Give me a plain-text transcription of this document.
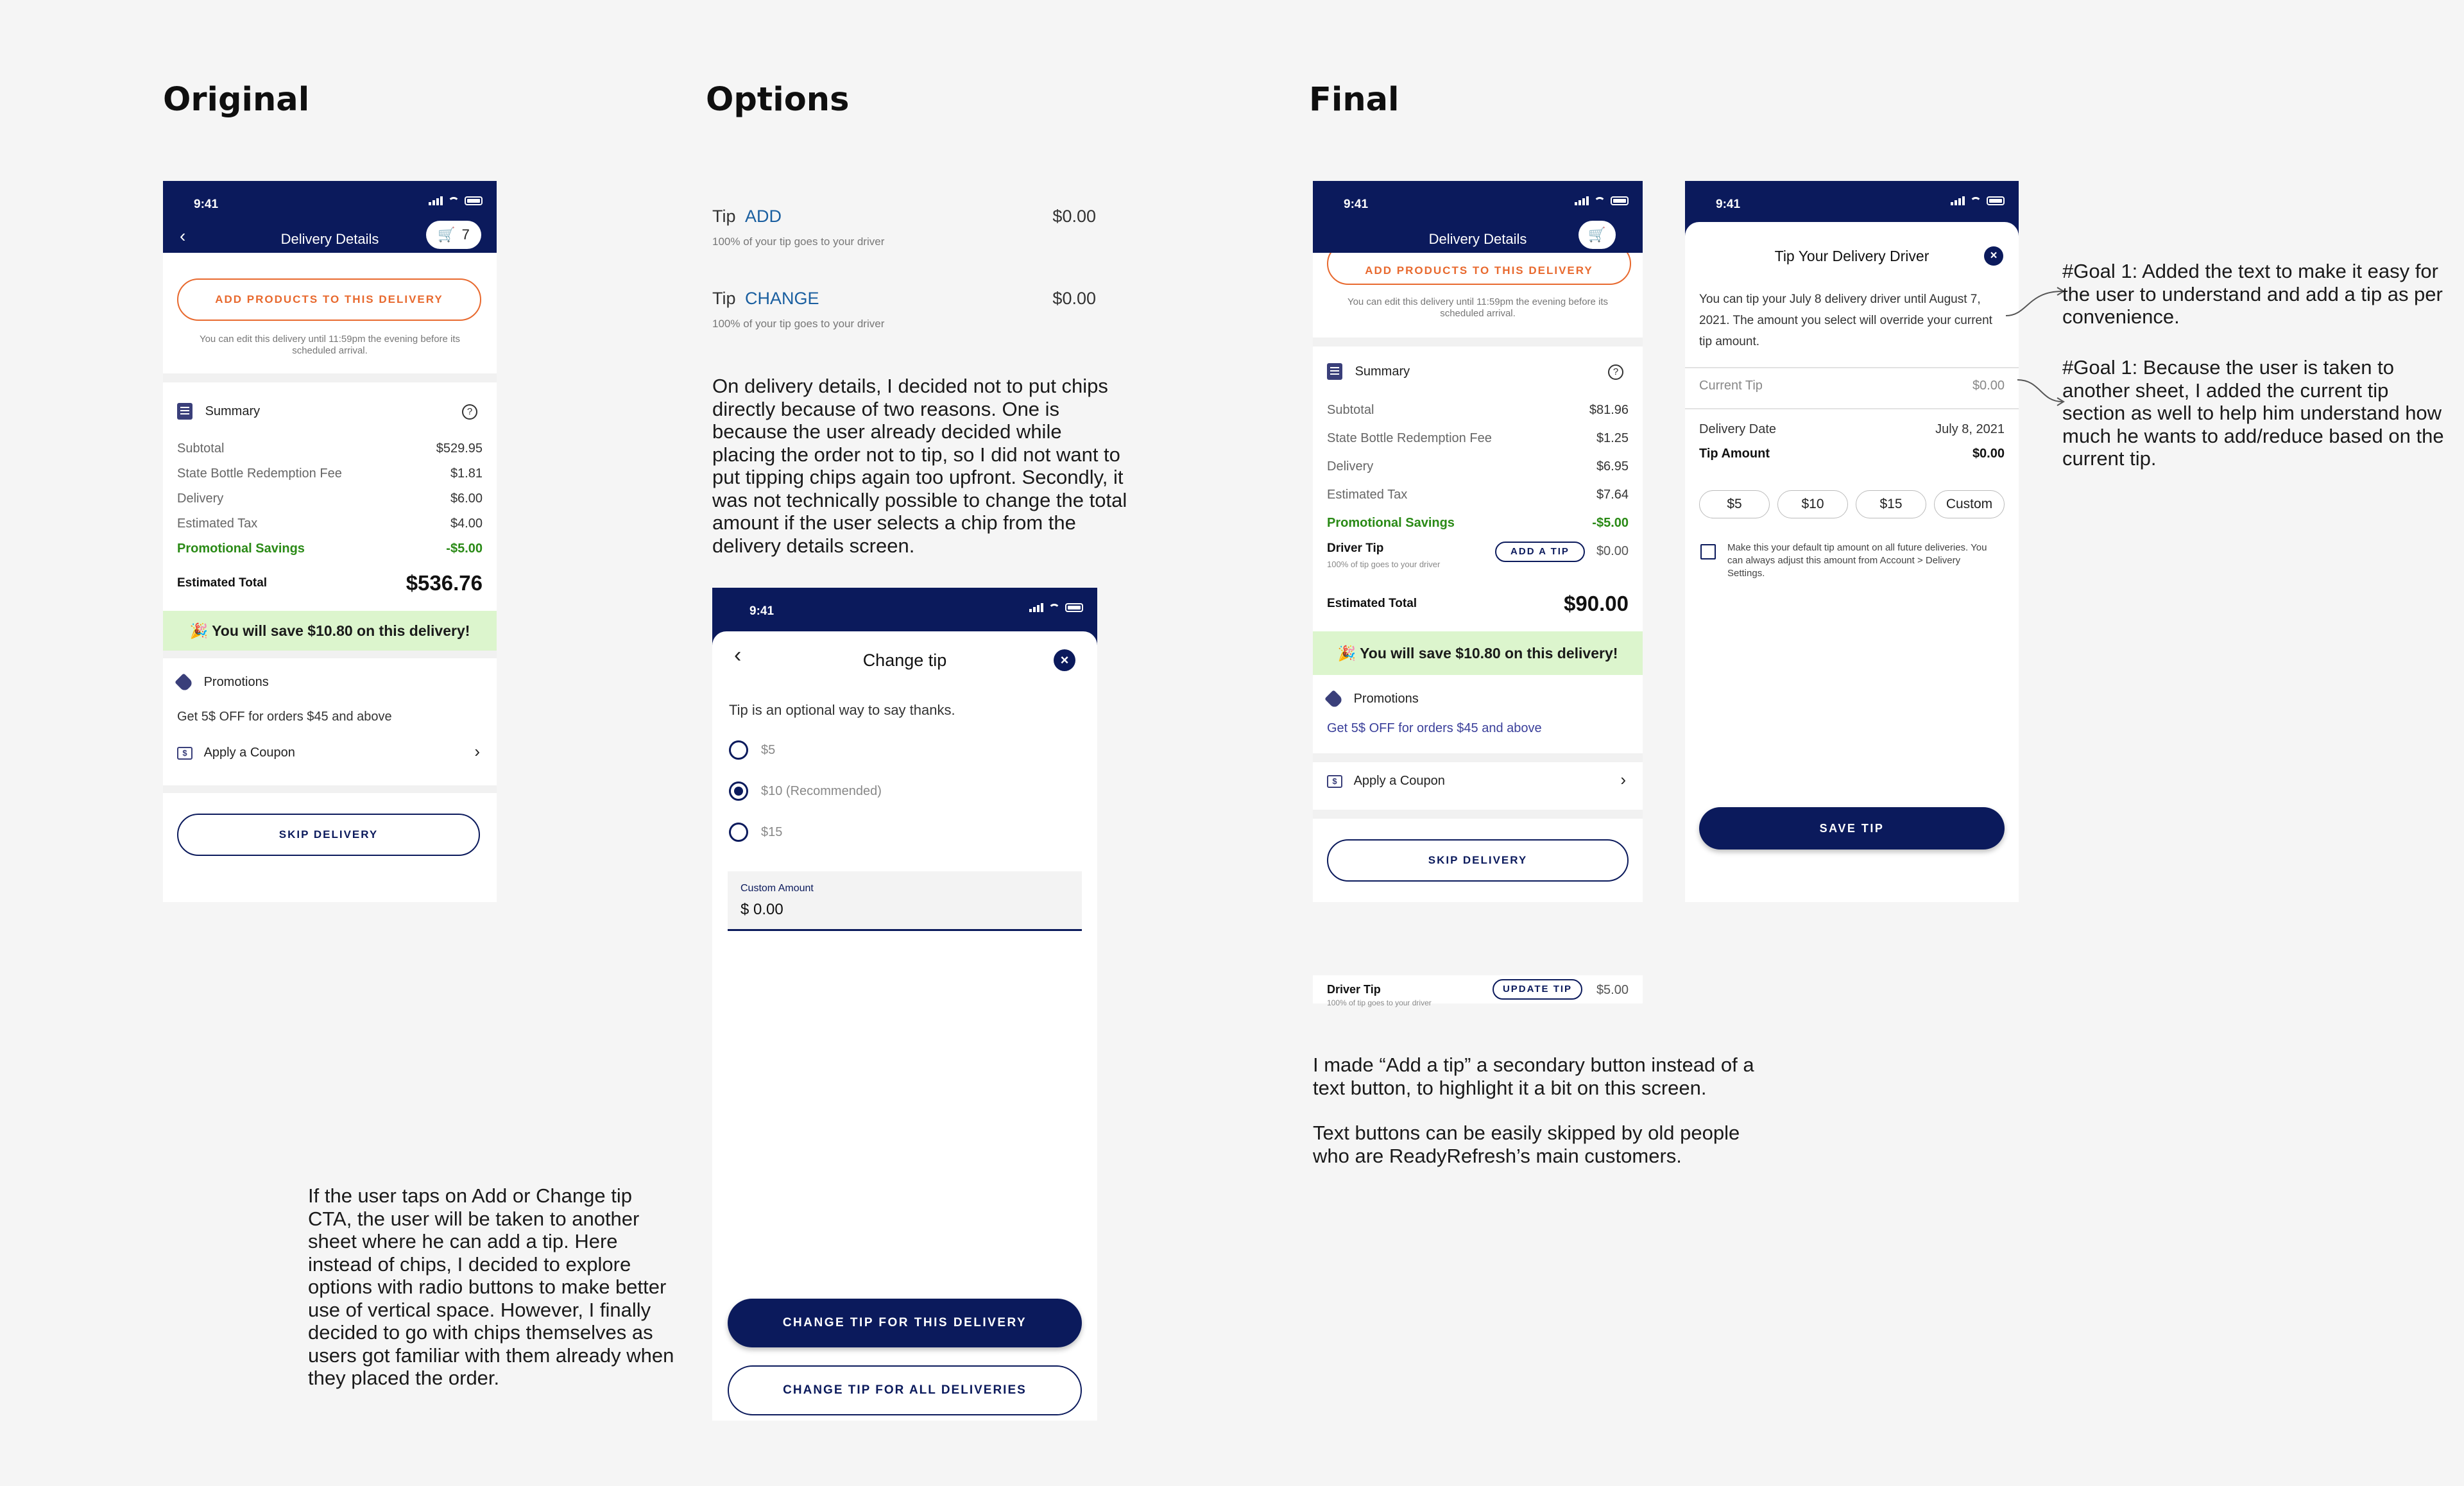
Original	Options	Final
9:41
‹	Delivery Details	🛒 7
ADD PRODUCTS TO THIS DELIVERY
You can edit this delivery until 11:59pm the evening before its scheduled arrival.
Summary	?
Subtotal	$529.95
State Bottle Redemption Fee	$1.81
Delivery	$6.00
Estimated Tax	$4.00
Promotional Savings	-$5.00
Estimated Total	$536.76
🎉 You will save $10.80 on this delivery!
Promotions
Get 5$ OFF for orders $45 and above
$ Apply a Coupon	›
SKIP DELIVERY
If the user taps on Add or Change tip CTA, the user will be taken to another sheet where he can add a tip. Here instead of chips, I decided to explore options with radio buttons to make better use of vertical space. However, I finally decided to go with chips themselves as users got familiar with them already when they placed the order.
Tip ADD	$0.00
100% of your tip goes to your driver
Tip CHANGE	$0.00
100% of your tip goes to your driver
On delivery details, I decided not to put chips directly because of two reasons. One is because the user already decided while placing the order not to tip, so I did not want to put tipping chips again too upfront. Secondly, it was not technically possible to change the total amount if the user selects a chip from the delivery details screen.
9:41
‹	Change tip	×
Tip is an optional way to say thanks.
$5
$10 (Recommended)
$15
Custom Amount
$ 0.00
CHANGE TIP FOR THIS DELIVERY
CHANGE TIP FOR ALL DELIVERIES
ADD PRODUCTS TO THIS DELIVERY
9:41
Delivery Details	🛒
You can edit this delivery until 11:59pm the evening before its scheduled arrival.
Summary	?
Subtotal	$81.96
State Bottle Redemption Fee	$1.25
Delivery	$6.95
Estimated Tax	$7.64
Promotional Savings	-$5.00
Driver Tip
100% of tip goes to your driver
ADD A TIP	$0.00
Estimated Total	$90.00
🎉 You will save $10.80 on this delivery!
Promotions
Get 5$ OFF for orders $45 and above
$ Apply a Coupon	›
SKIP DELIVERY
Driver Tip
100% of tip goes to your driver
UPDATE TIP	$5.00
I made “Add a tip” a secondary button instead of a text button, to highlight it a bit on this screen.
Text buttons can be easily skipped by old people who are ReadyRefresh’s main customers.
9:41
Tip Your Delivery Driver	×
You can tip your July 8 delivery driver until August 7, 2021. The amount you select will override your current tip amount.
Current Tip	$0.00
Delivery Date	July 8, 2021
Tip Amount	$0.00
$5	$10	$15	Custom
Make this your default tip amount on all future deliveries. You can always adjust this amount from Account > Delivery Settings.
SAVE TIP
#Goal 1: Added the text to make it easy for the user to understand and add a tip as per convenience.
#Goal 1: Because the user is taken to another sheet, I added the current tip section as well to help him understand how much he wants to add/reduce based on the current tip.
